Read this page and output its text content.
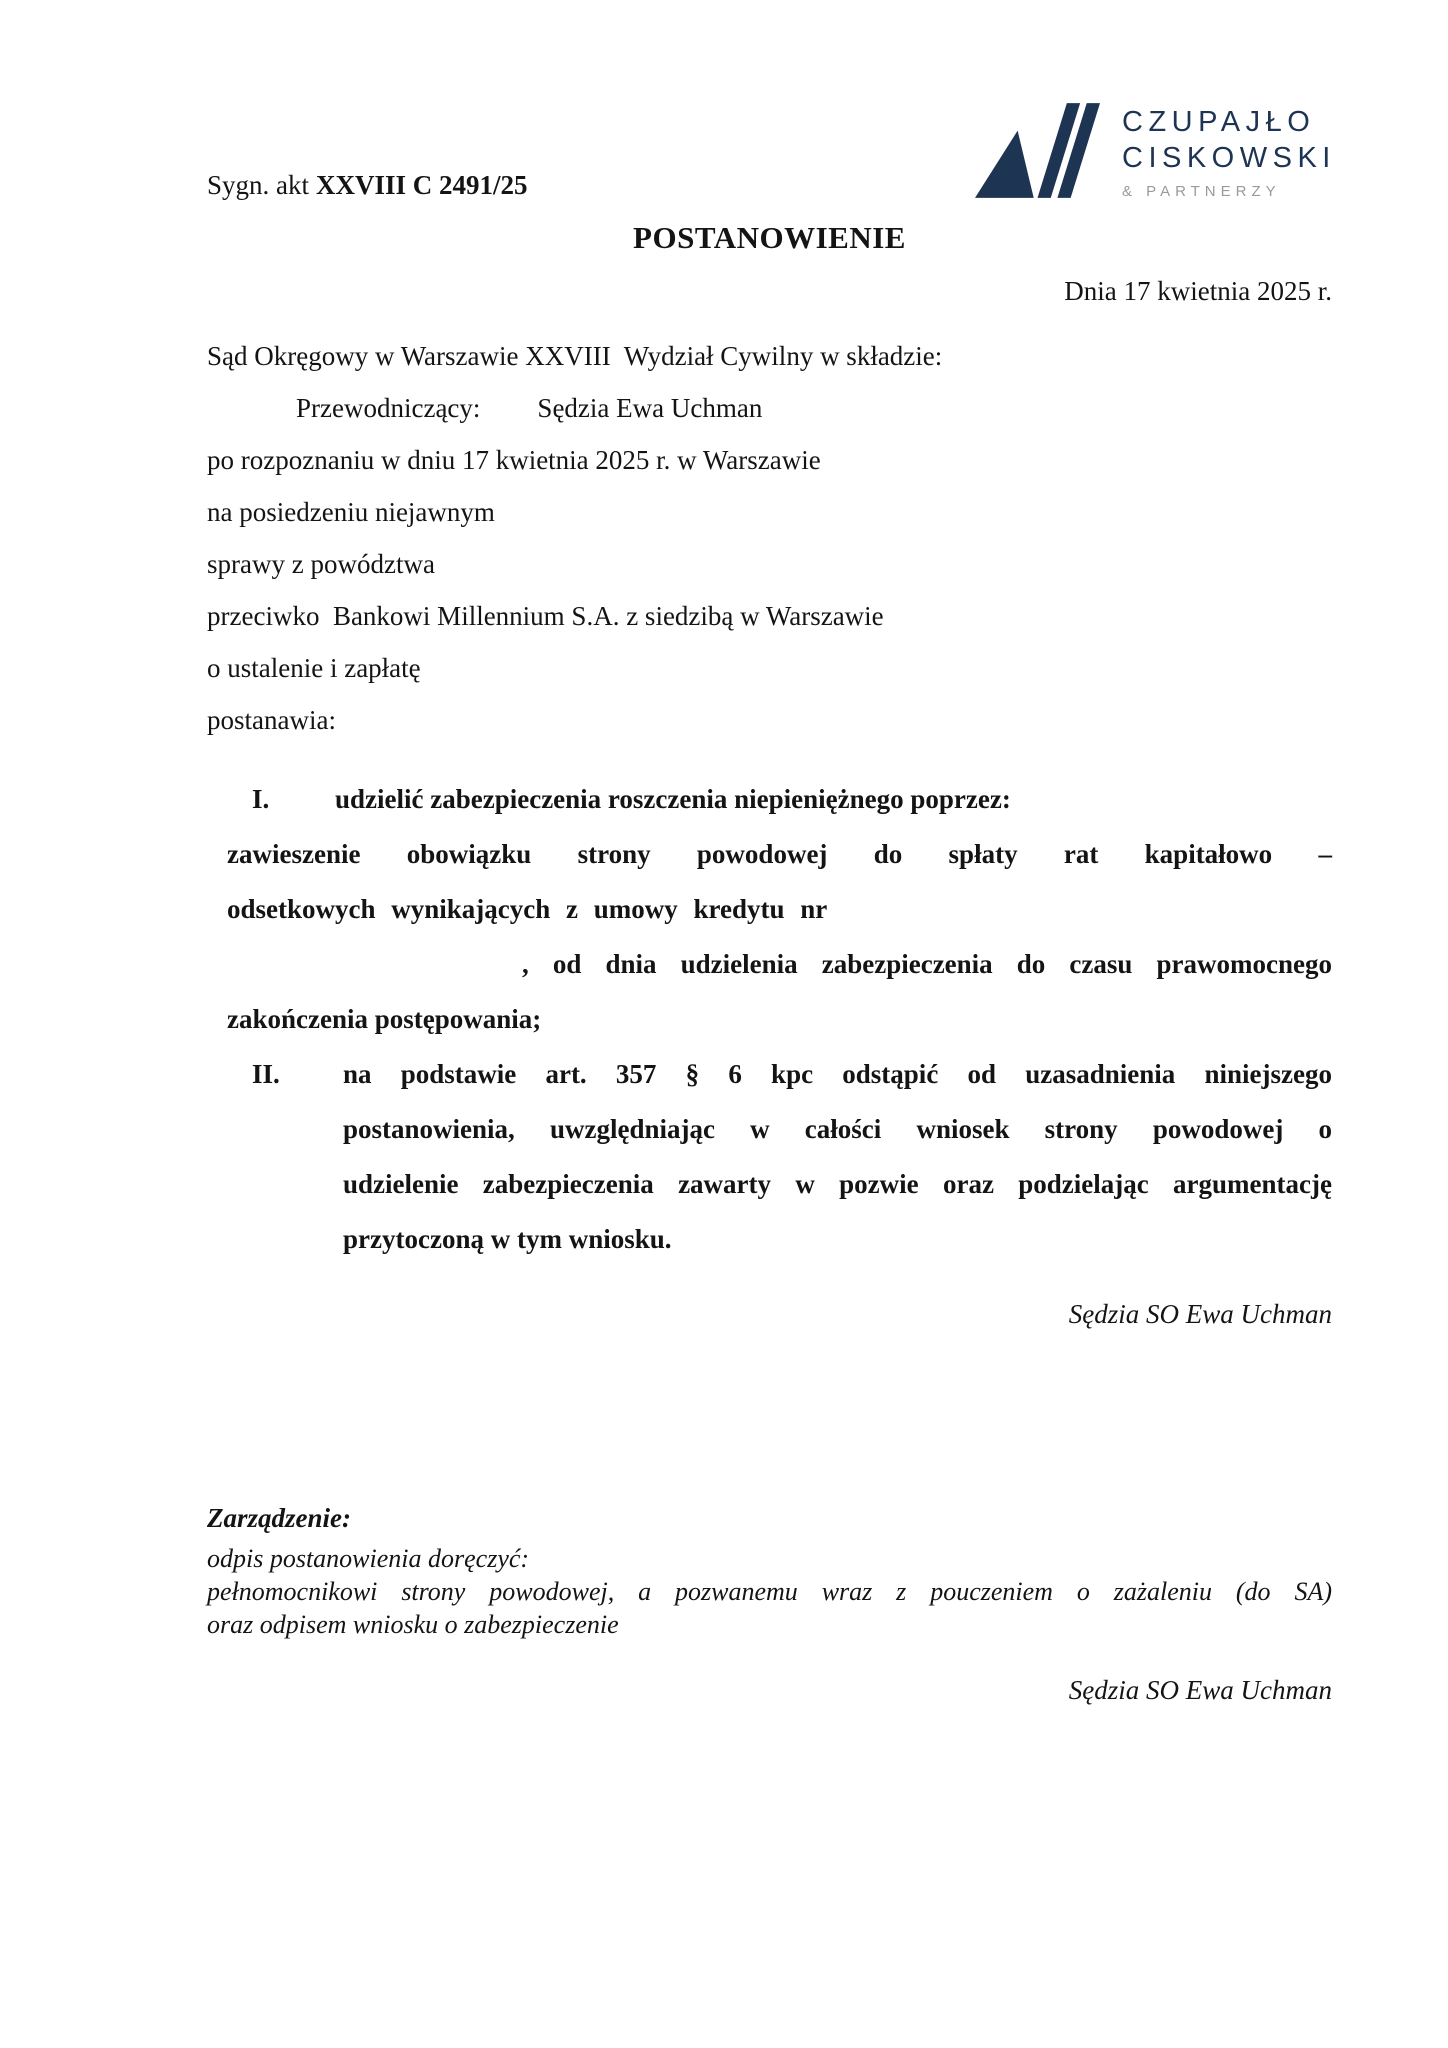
Sygn. akt XXVIII C 2491/25
CZUPAJŁO
CISKOWSKI
& PARTNERZY
POSTANOWIENIE
Dnia 17 kwietnia 2025 r.
Sąd Okręgowy w Warszawie XXVIII  Wydział Cywilny w składzie:
Przewodniczący: Sędzia Ewa Uchman
po rozpoznaniu w dniu 17 kwietnia 2025 r. w Warszawie
na posiedzeniu niejawnym
sprawy z powództwa
przeciwko  Bankowi Millennium S.A. z siedzibą w Warszawie
o ustalenie i zapłatę
postanawia:
I.	udzielić zabezpieczenia roszczenia niepieniężnego poprzez:
zawieszenie obowiązku strony powodowej do spłaty rat kapitałowo –
odsetkowych wynikających z umowy kredytu nr
, od dnia udzielenia zabezpieczenia do czasu prawomocnego
zakończenia postępowania;
II.	na podstawie art. 357 § 6 kpc odstąpić od uzasadnienia niniejszego
postanowienia, uwzględniając w całości wniosek strony powodowej o
udzielenie zabezpieczenia zawarty w pozwie oraz podzielając argumentację
przytoczoną w tym wniosku.
Sędzia SO Ewa Uchman
Zarządzenie:
odpis postanowienia doręczyć:
pełnomocnikowi strony powodowej, a pozwanemu wraz z pouczeniem o zażaleniu (do SA)
oraz odpisem wniosku o zabezpieczenie
Sędzia SO Ewa Uchman
